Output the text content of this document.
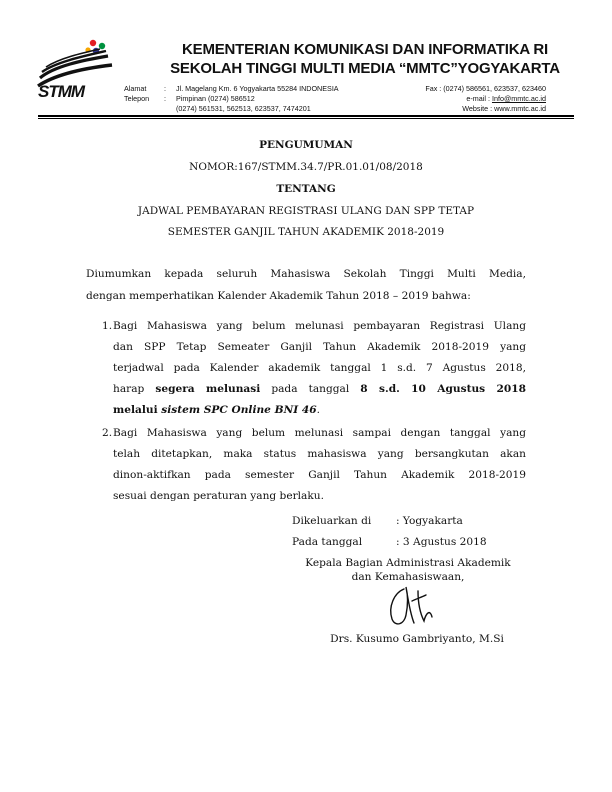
STMM
KEMENTERIAN KOMUNIKASI DAN INFORMATIKA RI
SEKOLAH TINGGI MULTI MEDIA “MMTC”YOGYAKARTA
Alamat : Jl. Magelang Km. 6 Yogyakarta 55284 INDONESIA
Telepon : Pimpinan (0274) 586512
(0274) 561531, 562513, 623537, 7474201
Fax : (0274) 586561, 623537, 623460
e-mail : Info@mmtc.ac.id
Website : www.mmtc.ac.id
PENGUMUMAN
NOMOR:167/STMM.34.7/PR.01.01/08/2018
TENTANG
JADWAL PEMBAYARAN REGISTRASI ULANG DAN SPP TETAP
SEMESTER GANJIL TAHUN AKADEMIK 2018-2019
Diumumkan kepada seluruh Mahasiswa Sekolah Tinggi Multi Media,
dengan memperhatikan Kalender Akademik Tahun 2018 – 2019 bahwa:
1. Bagi Mahasiswa yang belum melunasi pembayaran Registrasi Ulang
dan SPP Tetap Semeater Ganjil Tahun Akademik 2018-2019 yang
terjadwal pada Kalender akademik tanggal 1 s.d. 7 Agustus 2018,
harap segera melunasi pada tanggal 8 s.d. 10 Agustus 2018
melalui sistem SPC Online BNI 46.
2. Bagi Mahasiswa yang belum melunasi sampai dengan tanggal yang
telah ditetapkan, maka status mahasiswa yang bersangkutan akan
dinon-aktifkan pada semester Ganjil Tahun Akademik 2018-2019
sesuai dengan peraturan yang berlaku.
Dikeluarkan di : Yogyakarta
Pada tanggal	: 3 Agustus 2018
Kepala Bagian Administrasi Akademik
dan Kemahasiswaan,
Drs. Kusumo Gambriyanto, M.Si
